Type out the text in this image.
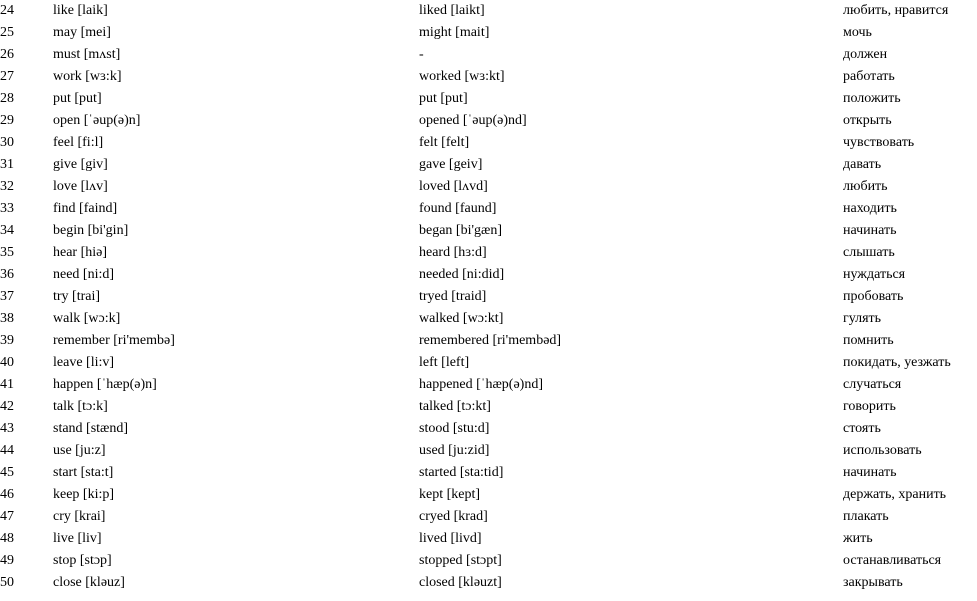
24	like [laik]	liked [laikt]	любить, нравится
25	may [mei]	might [mait]	мочь
26	must [mʌst]	-	должен
27	work [wɜ:k]	worked [wɜ:kt]	работать
28	put [put]	put [put]	положить
29	open [ˈəup(ə)n]	opened [ˈəup(ə)nd]	открыть
30	feel [fi:l]	felt [felt]	чувствовать
31	give [giv]	gave [geiv]	давать
32	love [lʌv]	loved [lʌvd]	любить
33	find [faind]	found [faund]	находить
34	begin [bi'gin]	began [bi'gæn]	начинать
35	hear [hiə]	heard [hɜ:d]	слышать
36	need [ni:d]	needed [ni:did]	нуждаться
37	try [trai]	tryed [traid]	пробовать
38	walk [wɔ:k]	walked [wɔ:kt]	гулять
39	remember [ri'membə]	remembered [ri'membəd]	помнить
40	leave [li:v]	left [left]	покидать, уезжать
41	happen [ˈhæp(ə)n]	happened [ˈhæp(ə)nd]	случаться
42	talk [tɔ:k]	talked [tɔ:kt]	говорить
43	stand [stænd]	stood [stu:d]	стоять
44	use [ju:z]	used [ju:zid]	использовать
45	start [sta:t]	started [sta:tid]	начинать
46	keep [ki:p]	kept [kept]	держать, хранить
47	cry [krai]	cryed [krad]	плакать
48	live [liv]	lived [livd]	жить
49	stop [stɔp]	stopped [stɔpt]	останавливаться
50	close [kləuz]	closed [kləuzt]	закрывать
